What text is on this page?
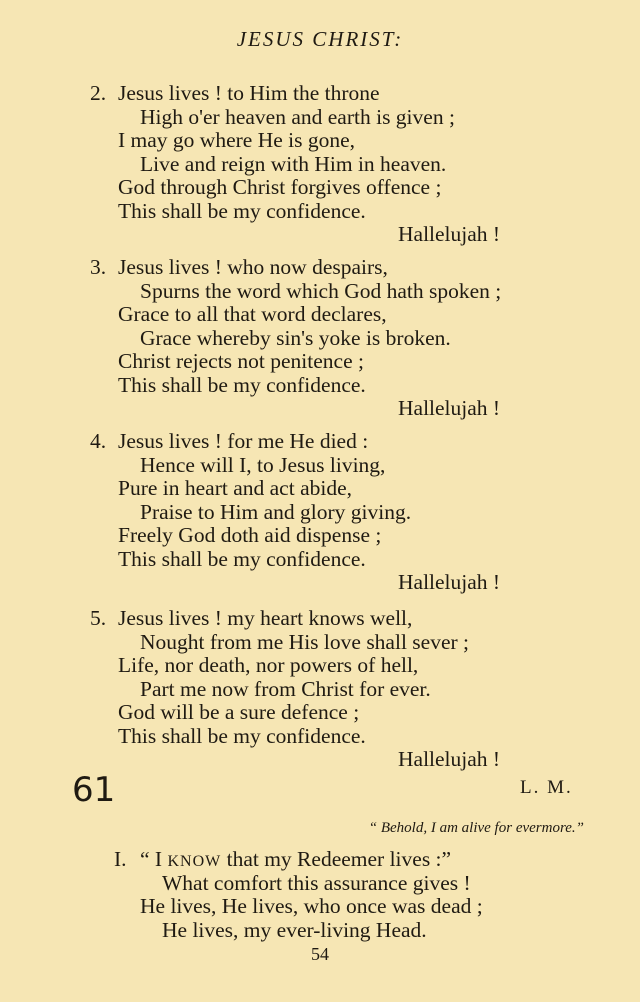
JESUS CHRIST:
2. Jesus lives ! to Him the throne
High o'er heaven and earth is given ;
I may go where He is gone,
Live and reign with Him in heaven.
God through Christ forgives offence ;
This shall be my confidence.
Hallelujah !
3. Jesus lives ! who now despairs,
Spurns the word which God hath spoken ;
Grace to all that word declares,
Grace whereby sin's yoke is broken.
Christ rejects not penitence ;
This shall be my confidence.
Hallelujah !
4. Jesus lives ! for me He died :
Hence will I, to Jesus living,
Pure in heart and act abide,
Praise to Him and glory giving.
Freely God doth aid dispense ;
This shall be my confidence.
Hallelujah !
5. Jesus lives ! my heart knows well,
Nought from me His love shall sever ;
Life, nor death, nor powers of hell,
Part me now from Christ for ever.
God will be a sure defence ;
This shall be my confidence.
Hallelujah !
61	L. M.
“ Behold, I am alive for evermore.”
I. “ I KNOW that my Redeemer lives :”
What comfort this assurance gives !
He lives, He lives, who once was dead ;
He lives, my ever-living Head.
54
